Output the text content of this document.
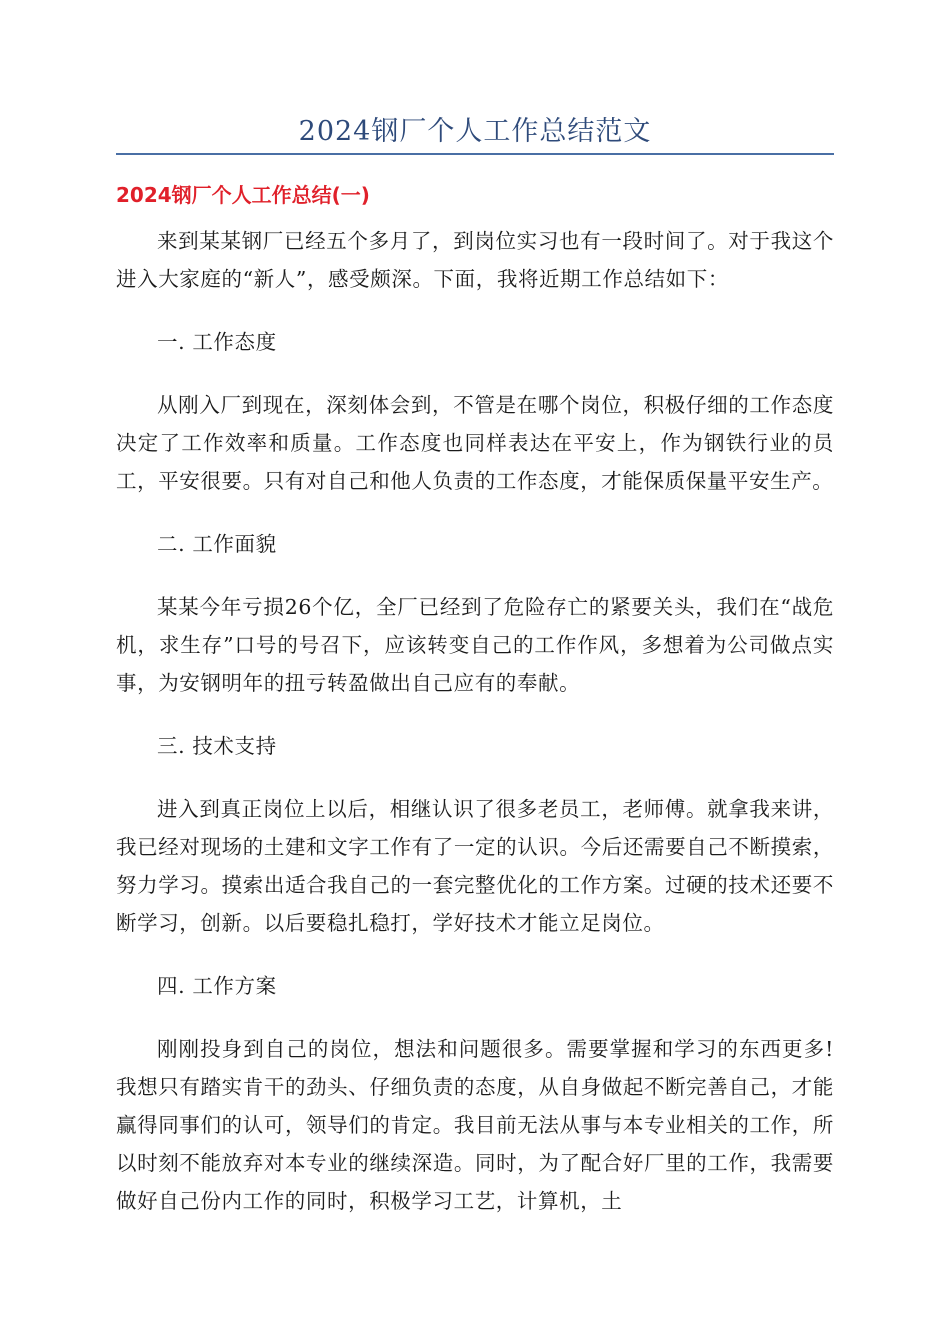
2024钢厂个人工作总结范文
2024钢厂个人工作总结(一)

来到某某钢厂已经五个多月了，到岗位实习也有一段时间了。对于我这个进入大家庭的“新人”，感受颇深。下面，我将近期工作总结如下：

一. 工作态度

从刚入厂到现在，深刻体会到，不管是在哪个岗位，积极仔细的工作态度决定了工作效率和质量。工作态度也同样表达在平安上，作为钢铁行业的员工，平安很要。只有对自己和他人负责的工作态度，才能保质保量平安生产。

二. 工作面貌

某某今年亏损26个亿，全厂已经到了危险存亡的紧要关头，我们在“战危机，求生存”口号的号召下，应该转变自己的工作作风，多想着为公司做点实事，为安钢明年的扭亏转盈做出自己应有的奉献。

三. 技术支持

进入到真正岗位上以后，相继认识了很多老员工，老师傅。就拿我来讲，我已经对现场的土建和文字工作有了一定的认识。今后还需要自己不断摸索，努力学习。摸索出适合我自己的一套完整优化的工作方案。过硬的技术还要不断学习，创新。以后要稳扎稳打，学好技术才能立足岗位。

四. 工作方案

刚刚投身到自己的岗位，想法和问题很多。需要掌握和学习的东西更多!我想只有踏实肯干的劲头、仔细负责的态度，从自身做起不断完善自己，才能赢得同事们的认可，领导们的肯定。我目前无法从事与本专业相关的工作，所以时刻不能放弃对本专业的继续深造。同时，为了配合好厂里的工作，我需要做好自己份内工作的同时，积极学习工艺，计算机，土
